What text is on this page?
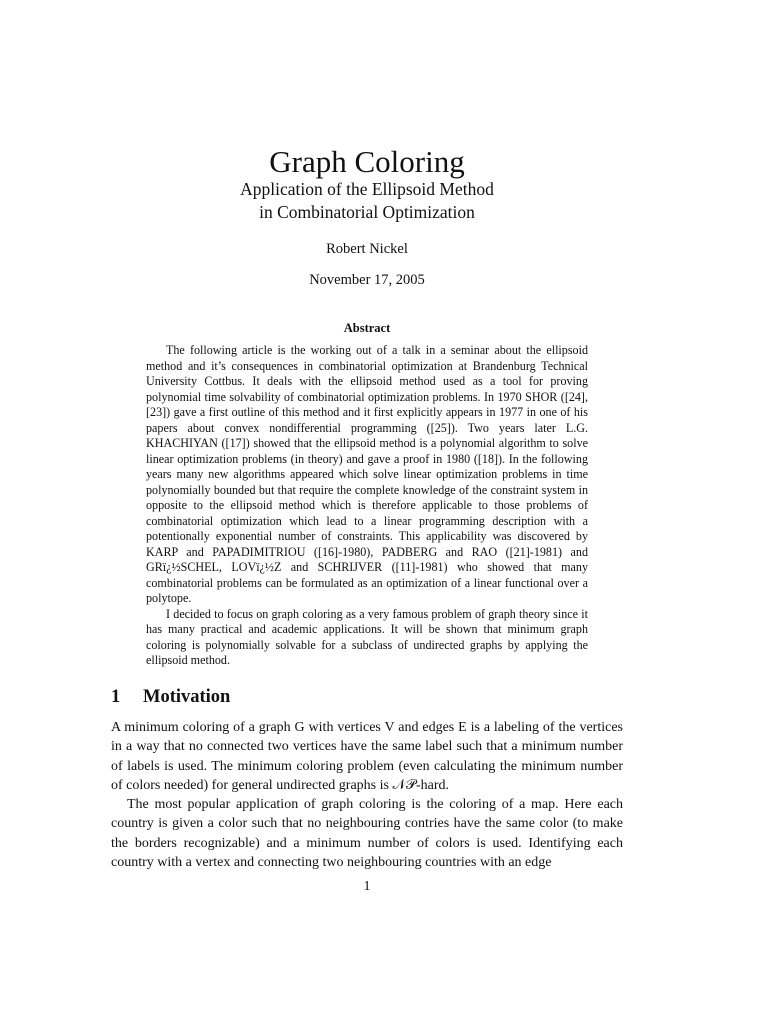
Graph Coloring
Application of the Ellipsoid Method
in Combinatorial Optimization
Robert Nickel
November 17, 2005
Abstract

The following article is the working out of a talk in a seminar about the ellipsoid method and it’s consequences in combinatorial optimization at Brandenburg Technical University Cottbus. It deals with the ellipsoid method used as a tool for proving polynomial time solvability of combinatorial optimization problems. In 1970 SHOR ([24],[23]) gave a first outline of this method and it first explicitly appears in 1977 in one of his papers about convex nondifferential programming ([25]). Two years later L.G. KHACHIYAN ([17]) showed that the ellipsoid method is a polynomial algorithm to solve linear optimization problems (in theory) and gave a proof in 1980 ([18]). In the following years many new algorithms appeared which solve linear optimization problems in time polynomially bounded but that require the complete knowledge of the constraint system in opposite to the ellipsoid method which is therefore applicable to those problems of combinatorial optimization which lead to a linear programming description with a potentionally exponential number of constraints. This applicability was discovered by KARP and PAPADIMITRIOU ([16]-1980), PADBERG and RAO ([21]-1981) and GRï¿½SCHEL, LOVï¿½Z and SCHRIJVER ([11]-1981) who showed that many combinatorial problems can be formulated as an optimization of a linear functional over a polytope.

I decided to focus on graph coloring as a very famous problem of graph theory since it has many practical and academic applications. It will be shown that minimum graph coloring is polynomially solvable for a subclass of undirected graphs by applying the ellipsoid method.

1 Motivation

A minimum coloring of a graph G with vertices V and edges E is a labeling of the vertices in a way that no connected two vertices have the same label such that a minimum number of labels is used. The minimum coloring problem (even calculating the minimum number of colors needed) for general undirected graphs is 𝒩𝒫-hard.

The most popular application of graph coloring is the coloring of a map. Here each country is given a color such that no neighbouring contries have the same color (to make the borders recognizable) and a minimum number of colors is used. Identifying each country with a vertex and connecting two neighbouring countries with an edge

1
